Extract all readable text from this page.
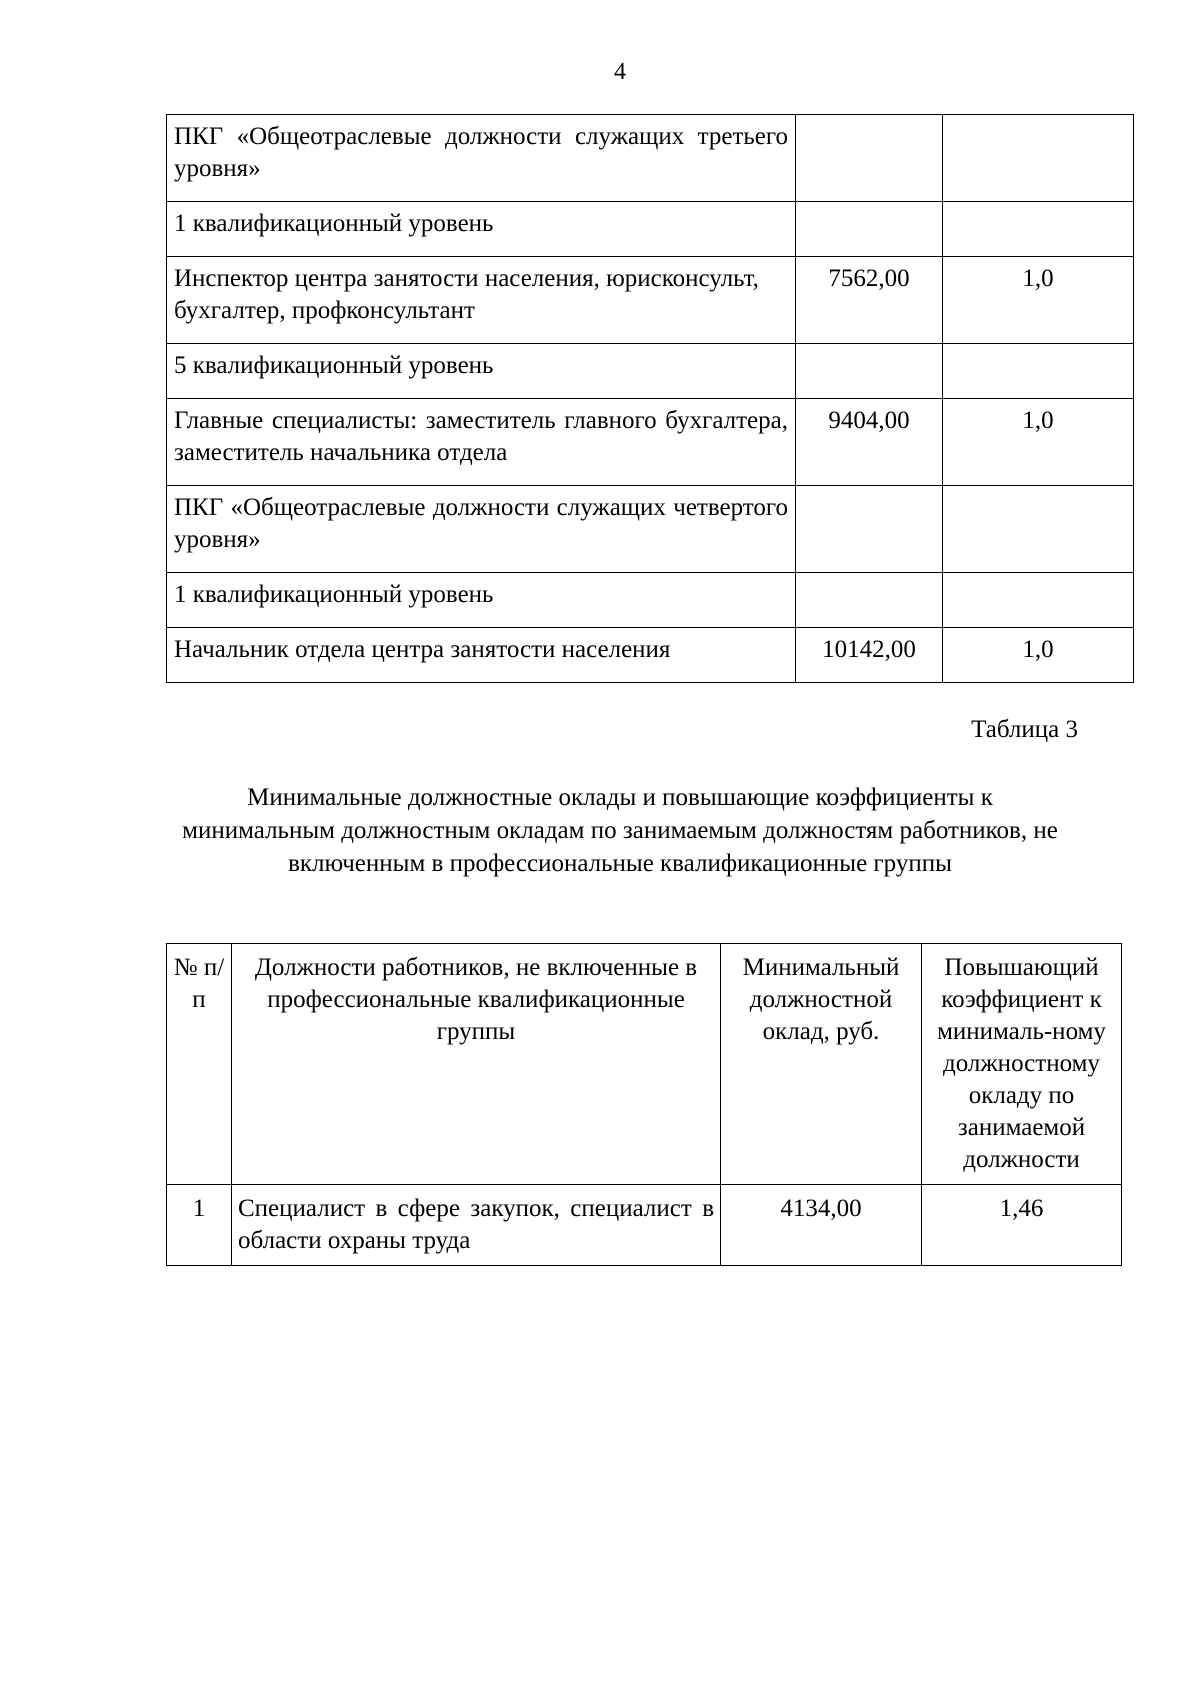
4
ПКГ «Общеотраслевые должности служащих третьего уровня»		
1 квалификационный уровень		
Инспектор центра занятости населения, юрисконсульт, бухгалтер, профконсультант	7562,00	1,0
5 квалификационный уровень		
Главные специалисты: заместитель главного бухгалтера, заместитель начальника отдела	9404,00	1,0
ПКГ «Общеотраслевые должности служащих четвертого уровня»		
1 квалификационный уровень		
Начальник отдела центра занятости населения	10142,00	1,0
Таблица 3
Минимальные должностные оклады и повышающие коэффициенты к минимальным должностным окладам по занимаемым должностям работников, не включенным в профессиональные квалификационные группы
№ п/п	Должности работников, не включенные в профессиональные квалификационные группы	Минимальный должностной оклад, руб.	Повышающий коэффициент к минималь-ному должностному окладу по занимаемой должности
1	Специалист в сфере закупок, специалист в области охраны труда	4134,00	1,46
